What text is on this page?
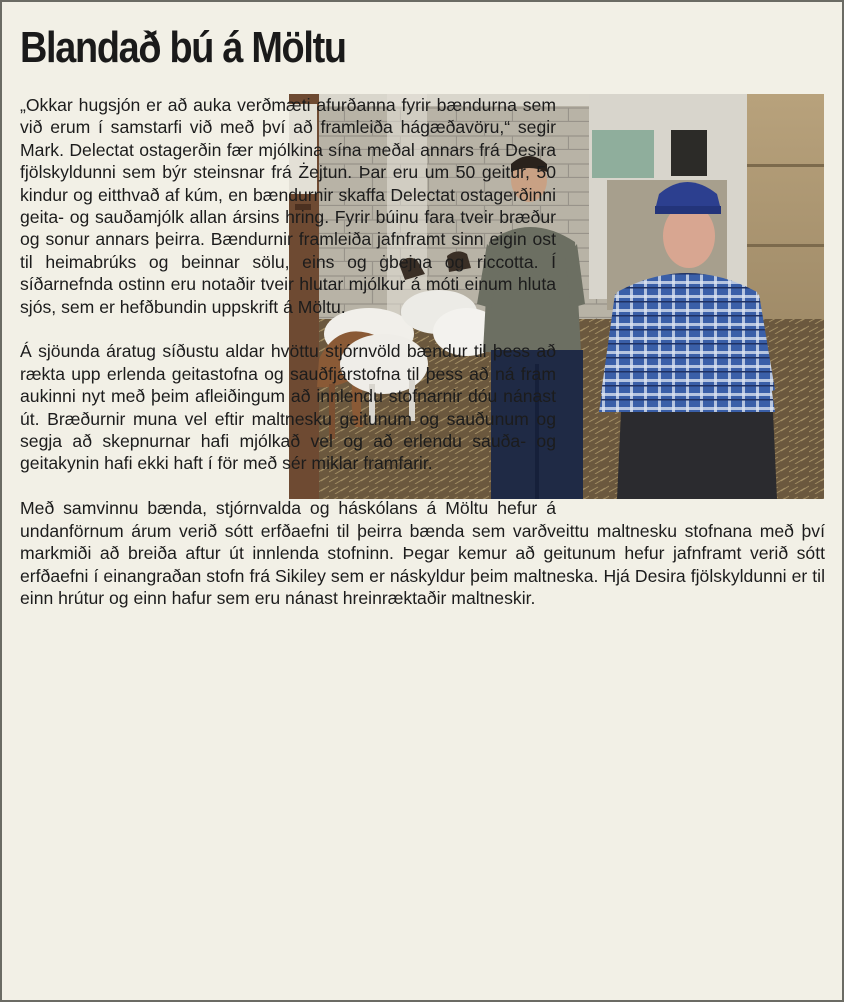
Blandað bú á Möltu

„Okkar hugsjón er að auka verðmæti afurðanna fyrir bændurna sem við erum í samstarfi við með því að framleiða hágæðavöru,“ segir Mark. Delectat ostagerðin fær mjólkina sína meðal annars frá Desira fjölskyldunni sem býr steinsnar frá Żejtun. Þar eru um 50 geitur, 50 kindur og eitthvað af kúm, en bændurnir skaffa Delectat ostagerðinni geita- og sauðamjólk allan ársins hring. Fyrir búinu fara tveir bræður og sonur annars þeirra. Bændurnir framleiða jafnframt sinn eigin ost til heimabrúks og beinnar sölu, eins og ġbejna og riccotta. Í síðarnefnda ostinn eru notaðir tveir hlutar mjólkur á móti einum hluta sjós, sem er hefðbundin uppskrift á Möltu.

Á sjöunda áratug síðustu aldar hvöttu stjórnvöld bændur til þess að rækta upp erlenda geitastofna og sauðfjárstofna til þess að ná fram aukinni nyt með þeim afleiðingum að innlendu stofnarnir dóu nánast út. Bræðurnir muna vel eftir maltnesku geitunum og sauðunum og segja að skepnurnar hafi mjólkað vel og að erlendu sauða- og geitakynin hafi ekki haft í för með sér miklar framfarir.

Með samvinnu bænda, stjórnvalda og háskólans á Möltu hefur á undanförnum árum verið sótt erfðaefni til þeirra bænda sem varðveittu maltnesku stofnana með því markmiði að breiða aftur út innlenda stofninn. Þegar kemur að geitunum hefur jafnframt verið sótt erfðaefni í einangraðan stofn frá Sikiley sem er náskyldur þeim maltneska. Hjá Desira fjölskyldunni er til einn hrútur og einn hafur sem eru nánast hreinræktaðir maltneskir.
